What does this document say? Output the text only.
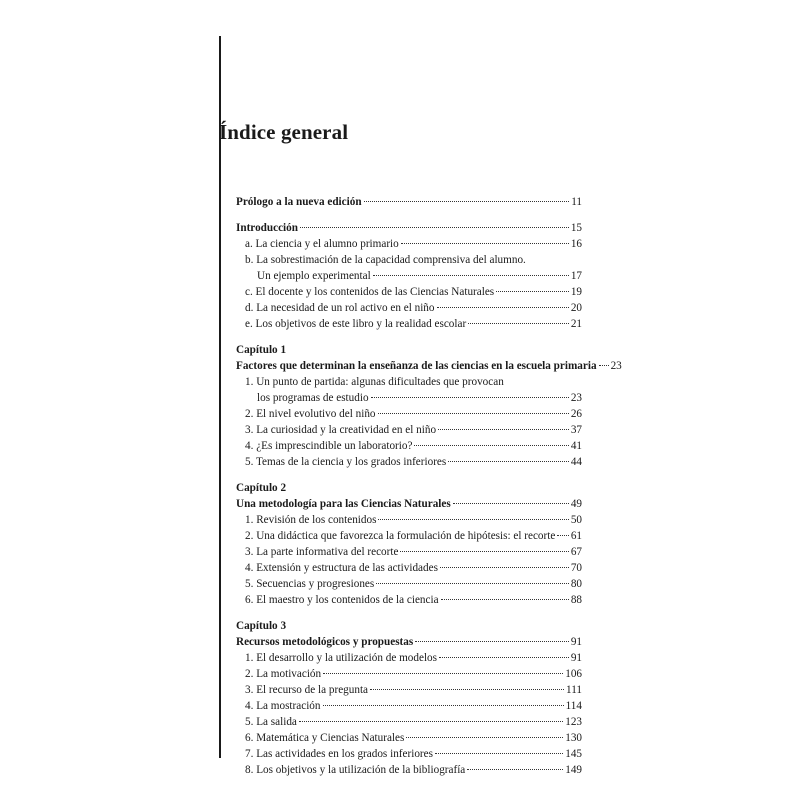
Índice general
Prólogo a la nueva edición	11
Introducción	15
a. La ciencia y el alumno primario	16
b. La sobrestimación de la capacidad comprensiva del alumno.
Un ejemplo experimental	17
c. El docente y los contenidos de las Ciencias Naturales	19
d. La necesidad de un rol activo en el niño	20
e. Los objetivos de este libro y la realidad escolar	21
Capítulo 1
Factores que determinan la enseñanza de las ciencias en la escuela primaria 23
1. Un punto de partida: algunas dificultades que provocan
los programas de estudio	23
2. El nivel evolutivo del niño	26
3. La curiosidad y la creatividad en el niño	37
4. ¿Es imprescindible un laboratorio?	41
5. Temas de la ciencia y los grados inferiores	44
Capítulo 2
Una metodología para las Ciencias Naturales	49
1. Revisión de los contenidos	50
2. Una didáctica que favorezca la formulación de hipótesis: el recorte 61
3. La parte informativa del recorte	67
4. Extensión y estructura de las actividades	70
5. Secuencias y progresiones	80
6. El maestro y los contenidos de la ciencia	88
Capítulo 3
Recursos metodológicos y propuestas	91
1. El desarrollo y la utilización de modelos	91
2. La motivación	106
3. El recurso de la pregunta	111
4. La mostración	114
5. La salida	123
6. Matemática y Ciencias Naturales	130
7. Las actividades en los grados inferiores	145
8. Los objetivos y la utilización de la bibliografía	149
